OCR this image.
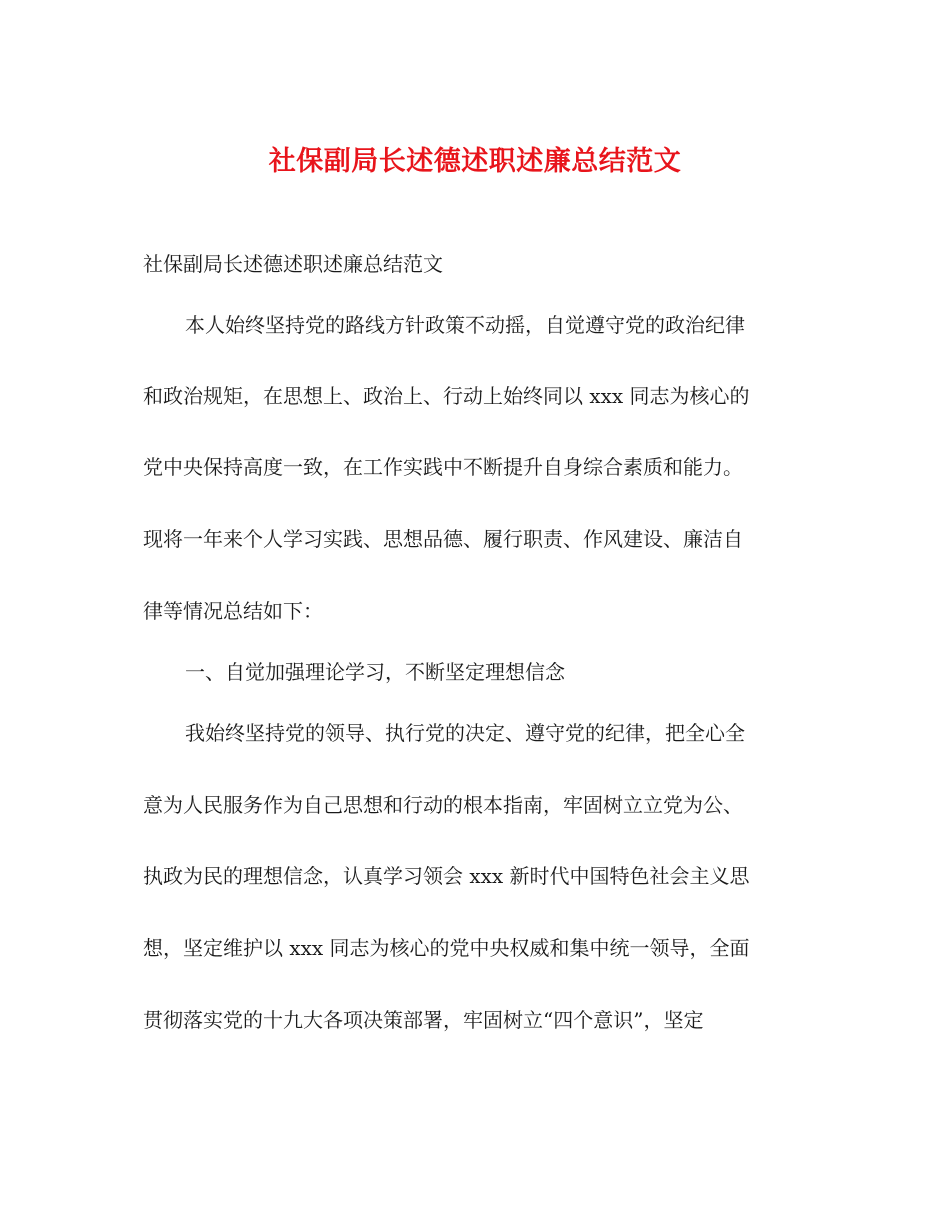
社保副局长述德述职述廉总结范文

社保副局长述德述职述廉总结范文

本人始终坚持党的路线方针政策不动摇，自觉遵守党的政治纪律

和政治规矩，在思想上、政治上、行动上始终同以 xxx 同志为核心的

党中央保持高度一致，在工作实践中不断提升自身综合素质和能力。

现将一年来个人学习实践、思想品德、履行职责、作风建设、廉洁自

律等情况总结如下：

一、自觉加强理论学习，不断坚定理想信念

我始终坚持党的领导、执行党的决定、遵守党的纪律，把全心全

意为人民服务作为自己思想和行动的根本指南，牢固树立立党为公、

执政为民的理想信念，认真学习领会 xxx 新时代中国特色社会主义思

想，坚定维护以 xxx 同志为核心的党中央权威和集中统一领导，全面

贯彻落实党的十九大各项决策部署，牢固树立“四个意识”，坚定
